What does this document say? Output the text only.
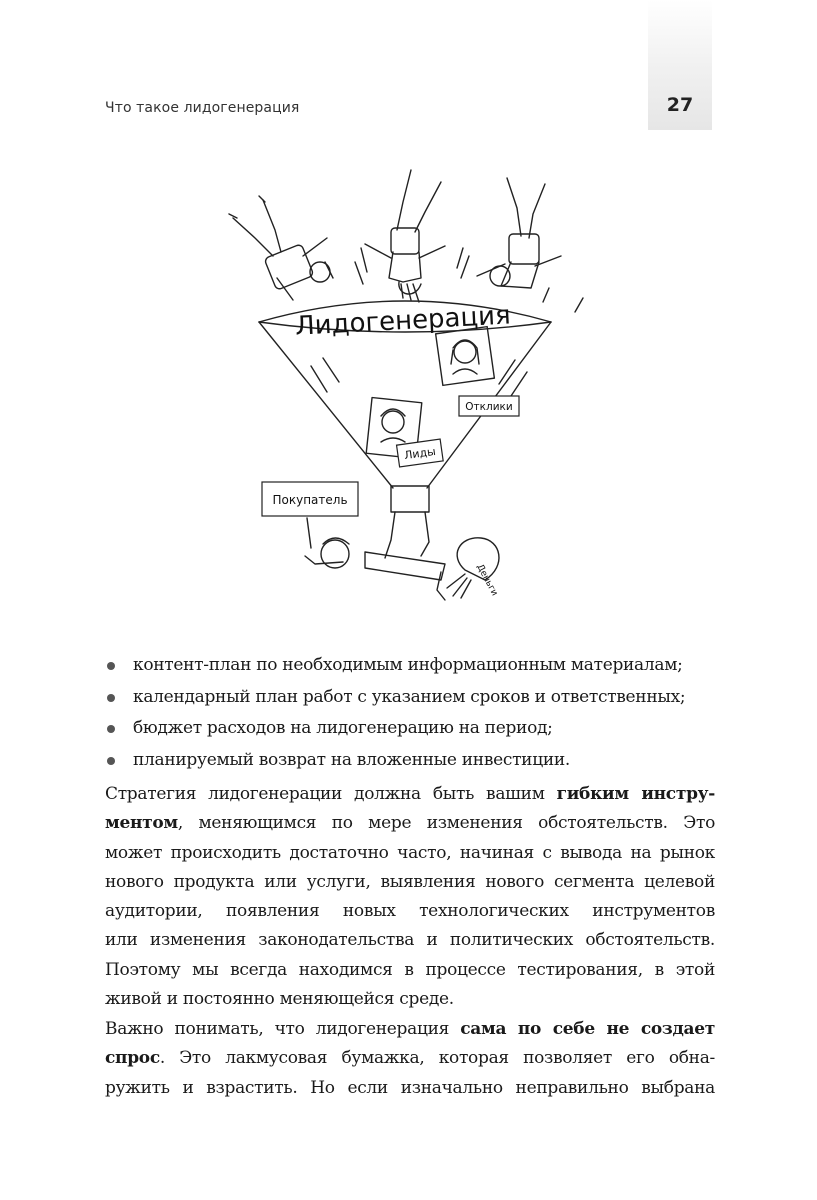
27
Что такое лидогенерация
Лидогенерация
Отклики
Лиды
Покупатель
Деньги
контент-план по необходимым информационным материалам;
календарный план работ с указанием сроков и ответственных;
бюджет расходов на лидогенерацию на период;
планируемый возврат на вложенные инвестиции.

Стратегия лидогенерации должна быть вашим гибким инстру-
ментом, меняющимся по мере изменения обстоятельств. Это
может происходить достаточно часто, начиная с вывода на рынок
нового продукта или услуги, выявления нового сегмента целевой
аудитории, появления новых технологических инструментов
или изменения законодательства и политических обстоятельств.
Поэтому мы всегда находимся в процессе тестирования, в этой
живой и постоянно меняющейся среде.

Важно понимать, что лидогенерация сама по себе не создает
спрос. Это лакмусовая бумажка, которая позволяет его обна-
ружить и взрастить. Но если изначально неправильно выбрана
